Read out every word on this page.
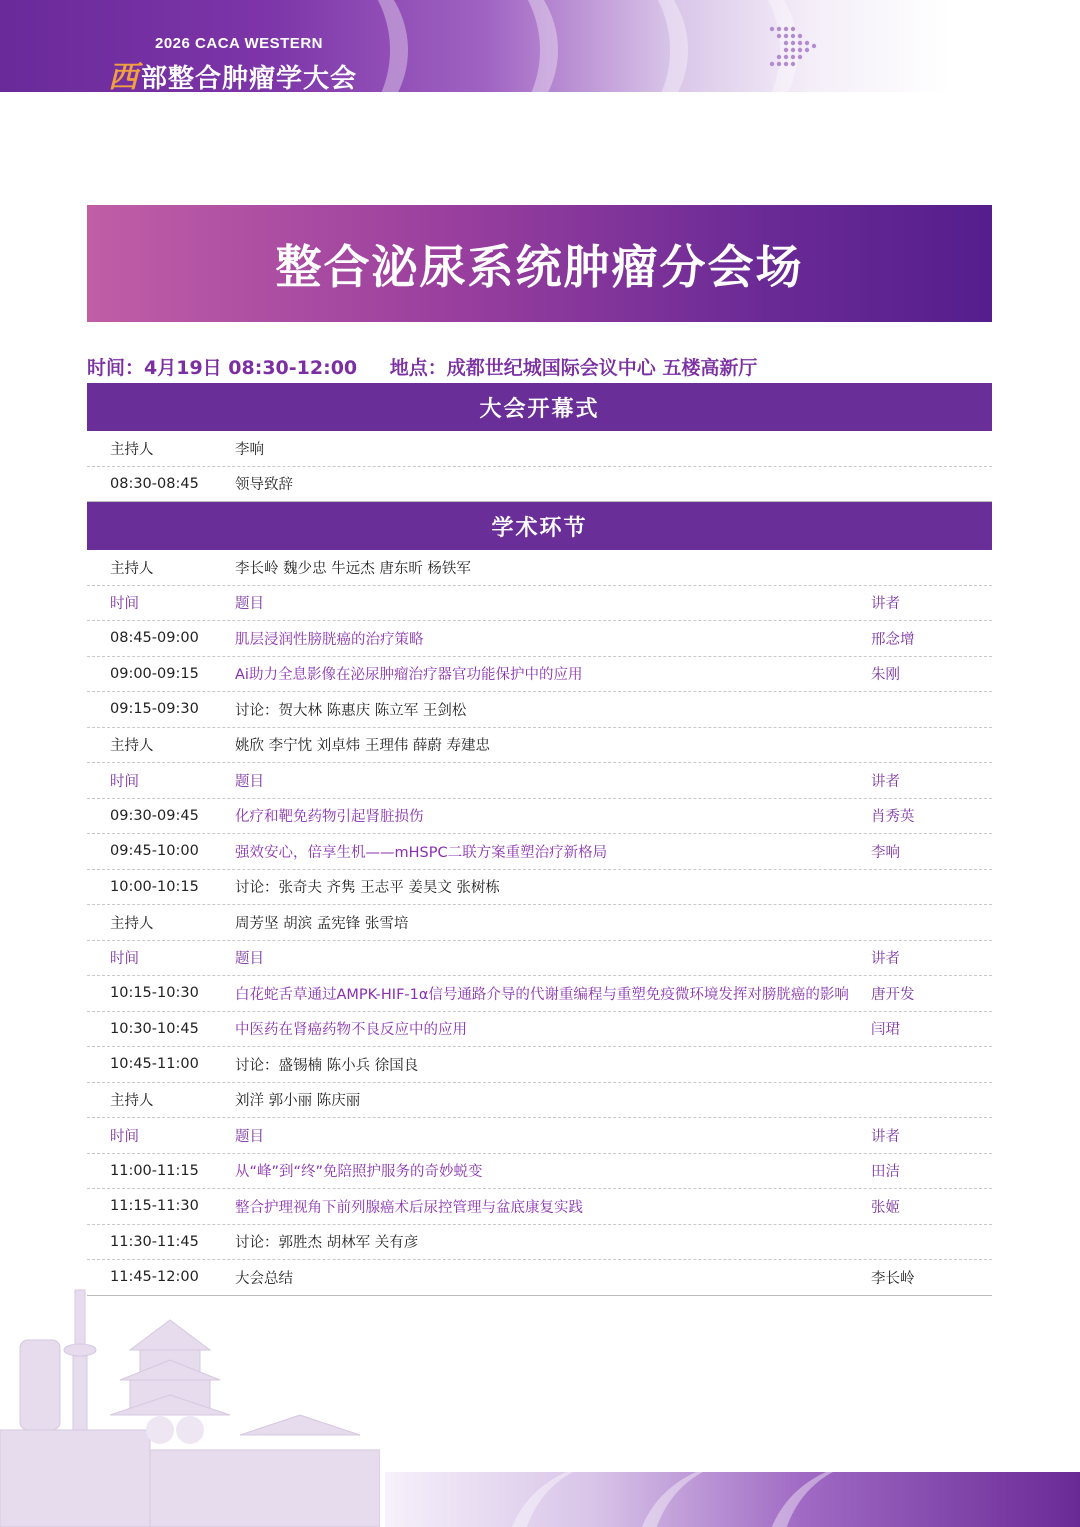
2026 CACA WESTERN
西部整合肿瘤学大会
整合泌尿系统肿瘤分会场
时间：4月19日 08:30-12:00 地点：成都世纪城国际会议中心 五楼高新厅
大会开幕式
主持人	李响
08:30-08:45 领导致辞
学术环节
主持人	李长岭 魏少忠 牛远杰 唐东昕 杨铁军
时间	题目	讲者
08:45-09:00 肌层浸润性膀胱癌的治疗策略	邢念增
09:00-09:15 Ai助力全息影像在泌尿肿瘤治疗器官功能保护中的应用	朱刚
09:15-09:30 讨论：贺大林 陈惠庆 陈立军 王剑松
主持人	姚欣 李宁忱 刘卓炜 王理伟 薛蔚 寿建忠
时间	题目	讲者
09:30-09:45 化疗和靶免药物引起肾脏损伤	肖秀英
09:45-10:00 强效安心，倍享生机——mHSPC二联方案重塑治疗新格局	李响
10:00-10:15 讨论：张奇夫 齐隽 王志平 姜昊文 张树栋
主持人	周芳坚 胡滨 孟宪锋 张雪培
时间	题目	讲者
10:15-10:30 白花蛇舌草通过AMPK-HIF-1α信号通路介导的代谢重编程与重塑免疫微环境发挥对膀胱癌的影响 唐开发
10:30-10:45 中医药在肾癌药物不良反应中的应用	闫珺
10:45-11:00 讨论：盛锡楠 陈小兵 徐国良
主持人	刘洋 郭小丽 陈庆丽
时间	题目	讲者
11:00-11:15 从“峰”到“终”免陪照护服务的奇妙蜕变	田洁
11:15-11:30 整合护理视角下前列腺癌术后尿控管理与盆底康复实践	张姬
11:30-11:45 讨论：郭胜杰 胡林军 关有彦
11:45-12:00 大会总结	李长岭
